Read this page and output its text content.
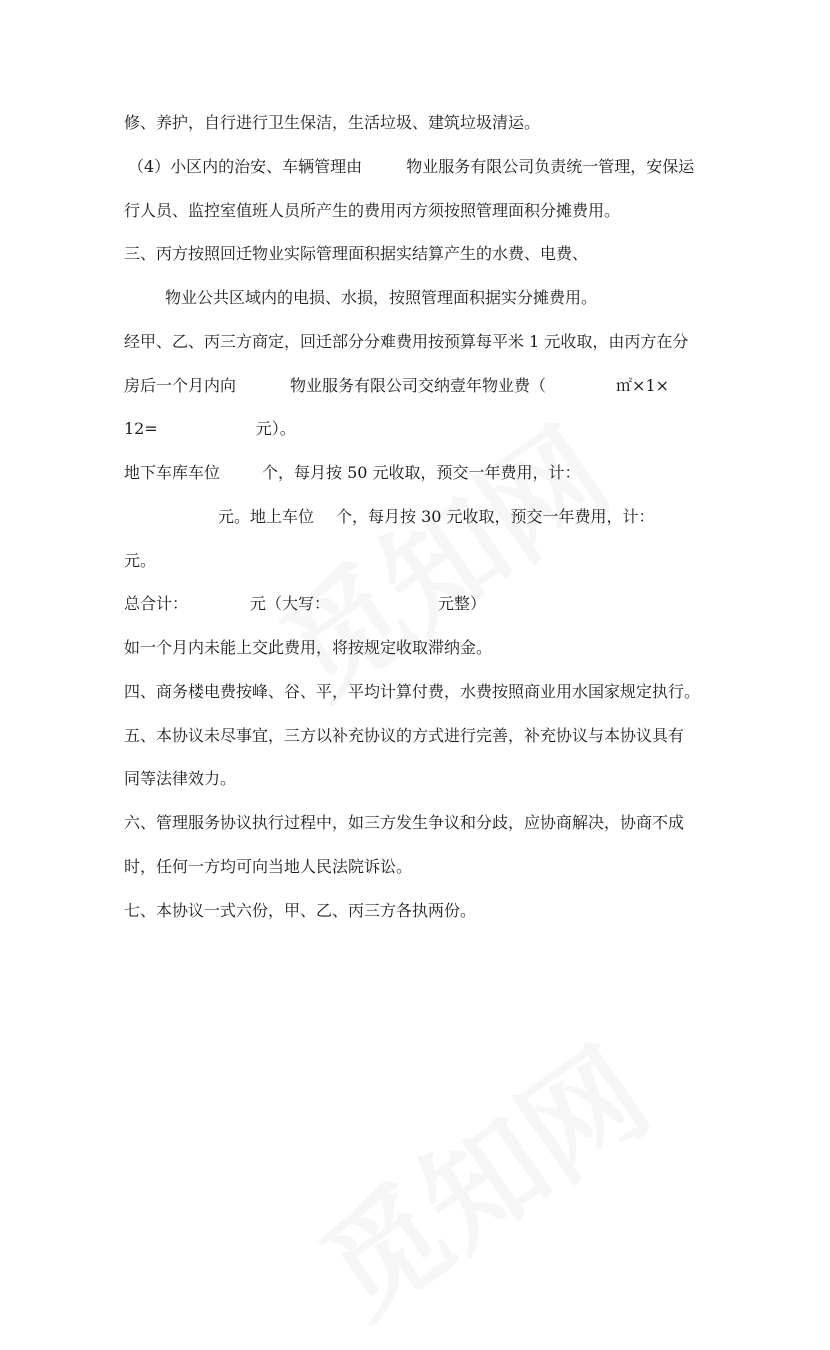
修、养护，自行进行卫生保洁，生活垃圾、建筑垃圾清运。
（4）小区内的治安、车辆管理由	物业服务有限公司负责统一管理，安保运
行人员、监控室值班人员所产生的费用丙方须按照管理面积分摊费用。
三、丙方按照回迁物业实际管理面积据实结算产生的水费、电费、
物业公共区域内的电损、水损，按照管理面积据实分摊费用。
经甲、乙、丙三方商定，回迁部分分难费用按预算每平米 1 元收取，由丙方在分
房后一个月内向	物业服务有限公司交纳壹年物业费（	㎡×1×
12=	元）。
地下车库车位	个，每月按 50 元收取，预交一年费用，计：
元。地上车位 个，每月按 30 元收取，预交一年费用，计：
元。
总合计：	元（大写：	元整）
如一个月内未能上交此费用，将按规定收取滞纳金。
四、商务楼电费按峰、谷、平，平均计算付费，水费按照商业用水国家规定执行。
五、本协议未尽事宜，三方以补充协议的方式进行完善，补充协议与本协议具有
同等法律效力。
六、管理服务协议执行过程中，如三方发生争议和分歧，应协商解决，协商不成
时，任何一方均可向当地人民法院诉讼。
七、本协议一式六份，甲、乙、丙三方各执两份。
